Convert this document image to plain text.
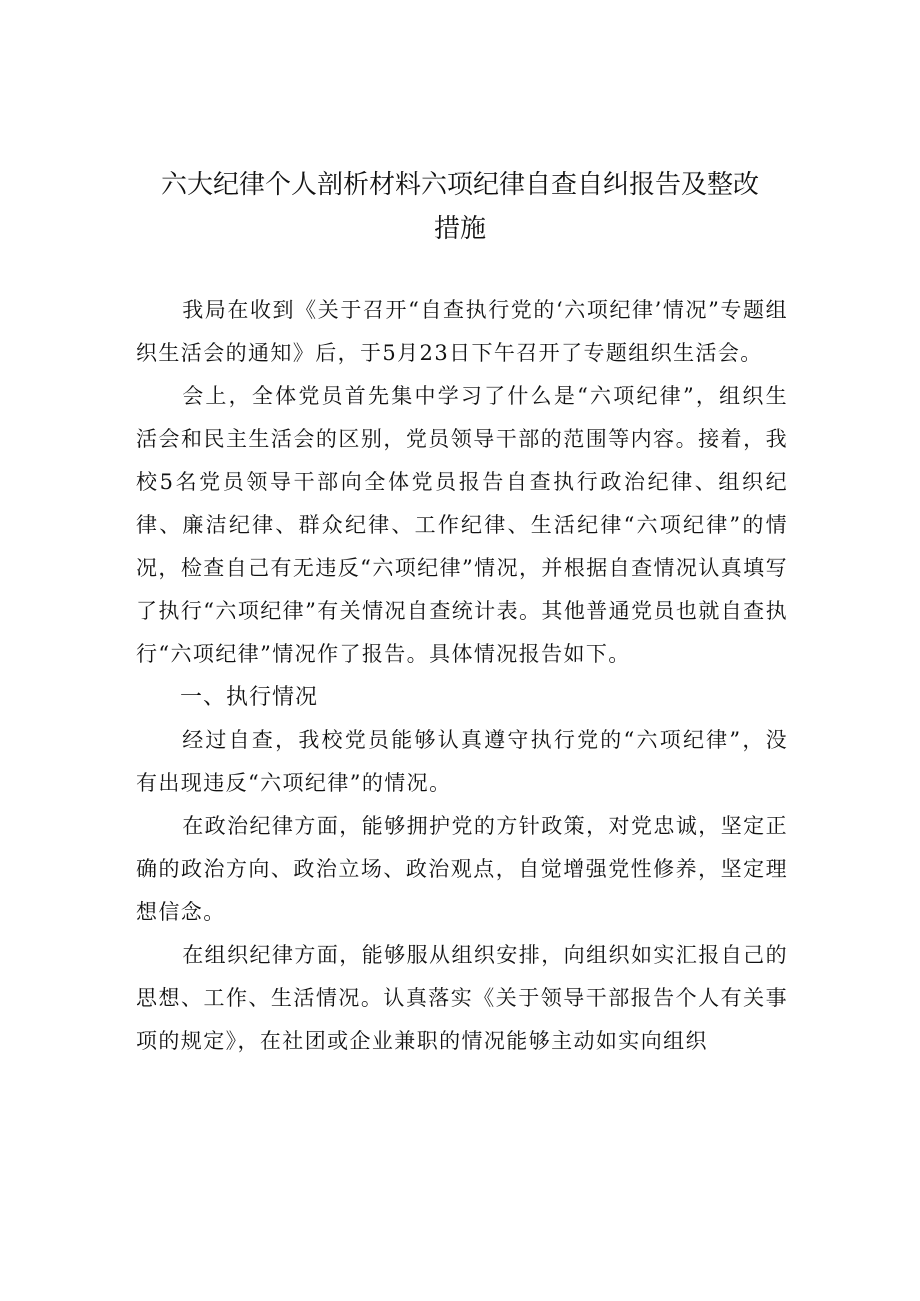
六大纪律个人剖析材料六项纪律自查自纠报告及整改
措施

我局在收到《关于召开“自查执行党的‘六项纪律’情况”专题组织生活会的通知》后，于5月23日下午召开了专题组织生活会。

会上，全体党员首先集中学习了什么是“六项纪律”，组织生活会和民主生活会的区别，党员领导干部的范围等内容。接着，我校5名党员领导干部向全体党员报告自查执行政治纪律、组织纪律、廉洁纪律、群众纪律、工作纪律、生活纪律“六项纪律”的情况，检查自己有无违反“六项纪律”情况，并根据自查情况认真填写了执行“六项纪律”有关情况自查统计表。其他普通党员也就自查执行“六项纪律”情况作了报告。具体情况报告如下。

一、执行情况

经过自查，我校党员能够认真遵守执行党的“六项纪律”，没有出现违反“六项纪律”的情况。

在政治纪律方面，能够拥护党的方针政策，对党忠诚，坚定正确的政治方向、政治立场、政治观点，自觉增强党性修养，坚定理想信念。

在组织纪律方面，能够服从组织安排，向组织如实汇报自己的思想、工作、生活情况。认真落实《关于领导干部报告个人有关事项的规定》，在社团或企业兼职的情况能够主动如实向组织
